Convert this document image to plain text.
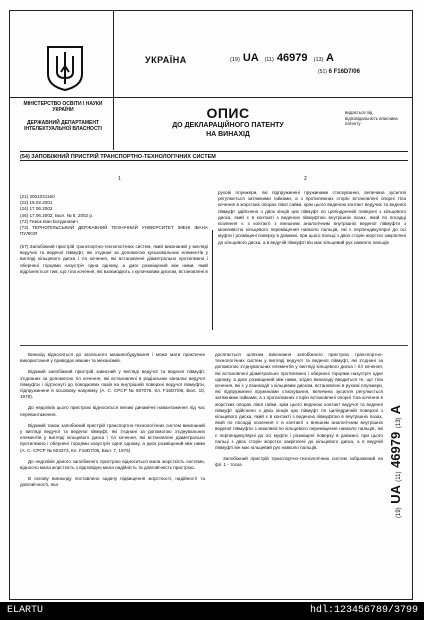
МІНІСТЕРСТВО ОСВІТИ І НАУКИ УКРАЇНИ
ДЕРЖАВНИЙ ДЕПАРТАМЕНТ ІНТЕЛЕКТУАЛЬНОЇ ВЛАСНОСТІ
УКРАЇНА	(19) UA (11) 46979 (13) A
(51) 6 F16D7/06
ОПИС
ДО ДЕКЛАРАЦІЙНОГО ПАТЕНТУ
НА ВИНАХІД
видається під відповідальність власника патенту
(54) ЗАПОБІЖНИЙ ПРИСТРІЙ ТРАНСПОРТНО-ТЕХНОЛОГІЧНИХ СИСТЕМ
1	2
(21) 2001021160
(22) 19.02.2001
(24) 17.06.2002
(46) 17.06.2002, Бюл. № 6, 2002 р.
(72) Гезюк Іван Богданович
(73) ТЕРНОПІЛЬСЬКИЙ ДЕРЖАВНИЙ ТЕХНІЧНИЙ УНІВЕРСИТЕТ ІМЕНІ ІВАНА ПУЛЮЯ
(57) Запобіжний пристрій транспортно-технологічних систем, який виконаний у вигляді ведучих та веденої півмуфт, які з'єднані за допомогою кульковальних елементів у вигляді кільцевого диска і тіл кочення, які встановлені діаметрально протилежно і обернені торцями назустріч одна одному, а диск розміщений між ними, який відрізняється тим, що тіла кочення, які взаємодіють з кулачковим диском, встановлені в
рухові плунжери, які підпружинені пружинами стискування, величина зусилля регулюється затяжними гайками, а з протилежних сторін встановлені опорні тіла кочення в жорстких опорах лівої сайки, крім цього веденою контакт ведучих та веденої півмуфт здійснено з двох кінців цих півмуфт по циліндричній поверхні з кільцевого диска, який є в контакті з веденою півмуфтою внутрішніх пазах, який по посадці козлення є з контакті з внешним аналогічним внутрішніх веденої півмуфти з можливістю кільцевого переміщення навколо пальців, які є перпендикулярні до осі муфти і розміщені поверху в довжині, при цього пальці з двох сторін жорстко закріплені до кільцевого диска, а в ведучій півмуфті він має кільцевий рух навколо пальців
Винахід відноситься до загального машинобудування і може мати практичне використання у приводах машин та механізмів.
Відомий запобіжний пристрій зависний у вигляді ведучої та веденої півмуфт, з'єднаних за допомогою тіл кочення, які встановлені в радіальних каналах ведучої півмуфти і підтиснуті до поводкових пазів на внутрішній поверхні ведучої півмуфти, підпружинене в осьовому напрямку (А. С. СРСР № 607076, Кл. F16D7/06, Бюл. 10, 1978).
До недоліків цього пристрою відноситься великі динамічні навантаження під час перевантаження.
Відомий також запобіжний пристрій транспортно-технологічних систем виконаний у вигляді ведучої та веденої півмуфт, які з'єднані за допомогою з'єднувальних елементів у вигляді кільцевого диска і тіл кочення, які встановлені діаметрально протилежно і обернені торцями назустріч одне одному, а диск розміщений між ними (А. С. СРСР № 504373, Кл. F16D7/06, Бюл. 7, 1976)
До недоліків даного запобіжного пристрою відноситься мала жорсткість системи, відносно мала жорсткість з відповідно мала надійність та довговічність пристрою.
В основу винаходу поставлено задачу підвищення жорсткості, надійності та довговічності, яка
досягається шляхом виконання запобіжного пристрою транспортно-технологічних систем у вигляді ведучої та веденої півмуфт, які з'єднані за допомогою з'єднувальних елементів у вигляді кільцевого диска і тіл кочення, які встановлені діаметрально протилежно і обернені торцями назустріч одне одному, а диск розміщений між ними, згідно винаходу вводиться те, що тіла кочення, які є у взаємодії з кільцевим диском, встановлені в рухомі плунжери, які підпружинені пружинами стискування, величина зусилля регулюється затяжними гайками, а з протилежних сторін встановлені опорні тіла кочення в жорстких опорах лівої гайки, крім цього веденою контакт ведучої та веденої півмуфт здійснено з двох кінців цих півмуфт по циліндричній поверхні з кільцевого диска, який є в контакті з веденою півмуфтою в внутрішніх пазах, який по посадці козлення є в контакті з внешнім аналогічним внутрішніх веденої півмуфти з можливістю кільцевого переміщення навколо пальців, які є перпендикулярні до осі муфти і розміщені поверху в довжині, при цього пальці з двох сторін жорстко закріплені до кільцевого диска, а в ведучій півмуфті він має кільцевий рух навколо пальців.
Запобіжний пристрій транспортно-технологічних систем зображений на фіг. 1 - тоска
(19) UA (11) 46979 (13) A
ELARTU	hdl:123456789/3799
